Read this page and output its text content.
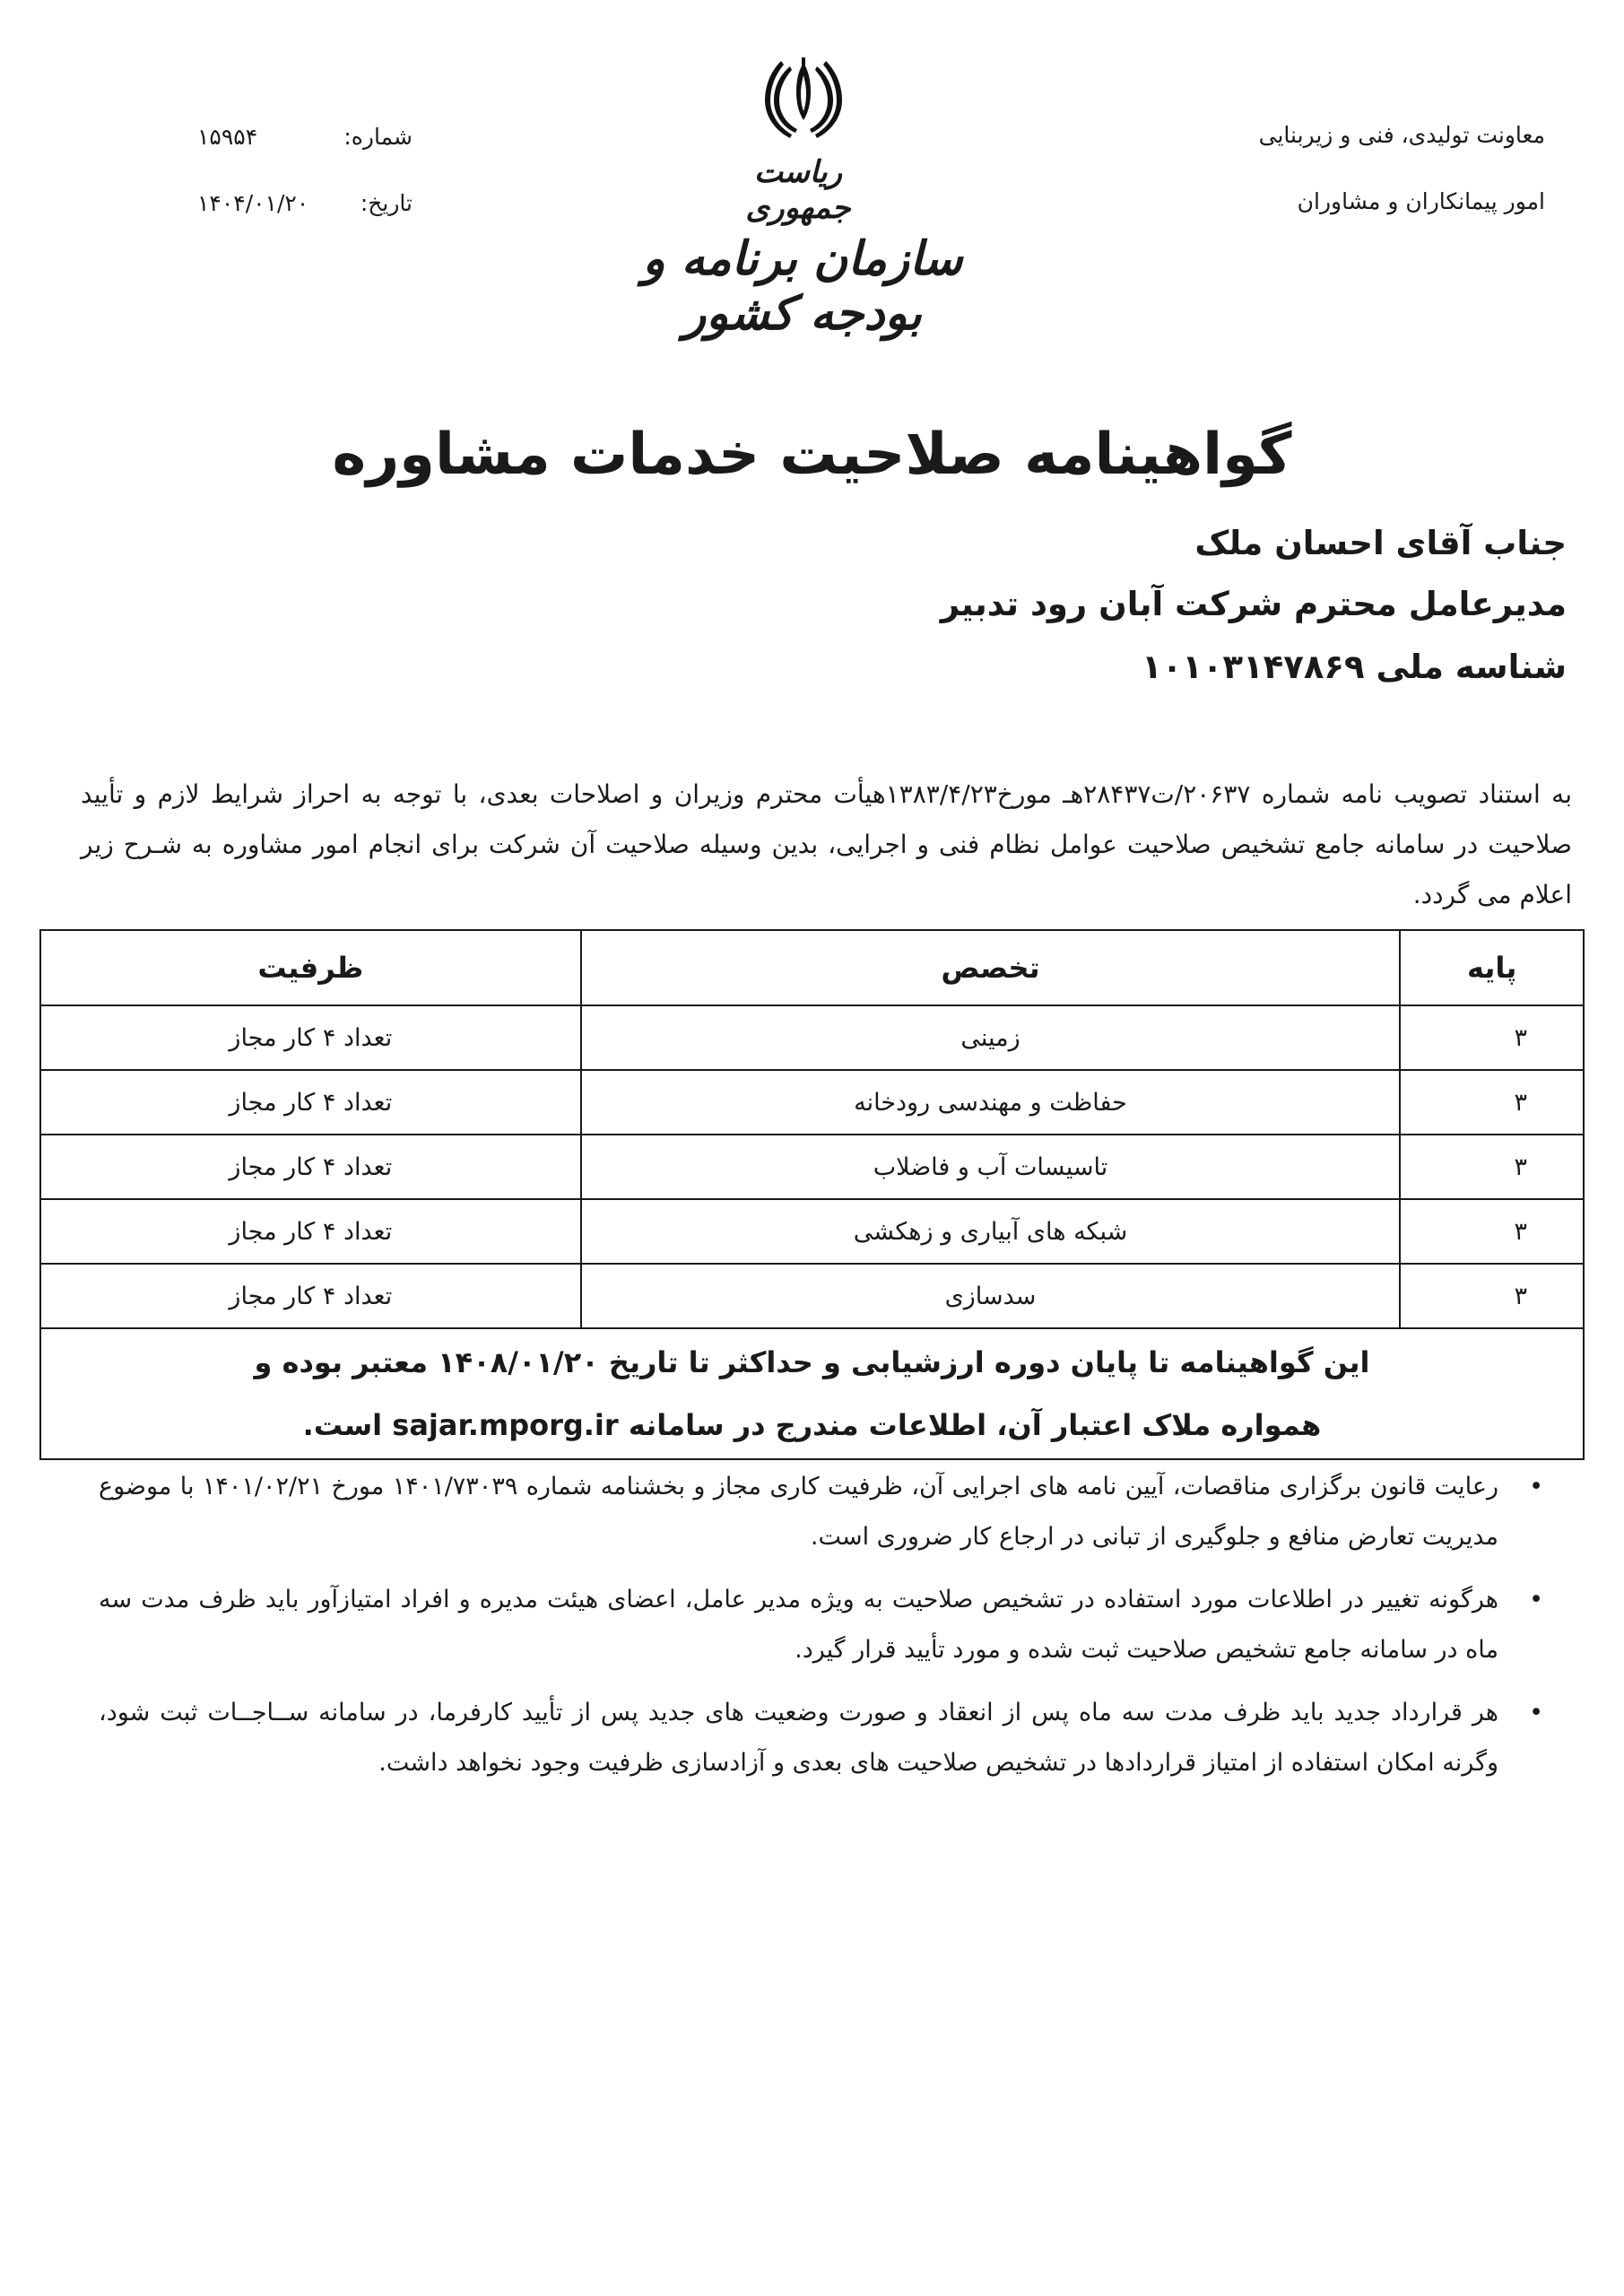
معاونت تولیدی، فنی و زیربنایی
امور پیمانکاران و مشاوران
شماره:
۱۵۹۵۴
تاریخ:
۱۴۰۴/۰۱/۲۰
ریاست جمهوری
سازمان برنامه و بودجه کشور
گواهینامه صلاحیت خدمات مشاوره
جناب آقای احسان ملک
مدیرعامل محترم شرکت آبان رود تدبیر
شناسه ملی ۱۰۱۰۳۱۴۷۸۶۹
به استناد تصویب نامه شماره ۲۰۶۳۷/ت۲۸۴۳۷هـ مورخ۱۳۸۳/۴/۲۳هیأت محترم وزیران و اصلاحات بعدی، با توجه به احراز شرایط لازم و تأیید صلاحیت در سامانه جامع تشخیص صلاحیت عوامل نظام فنی و اجرایی، بدین وسیله صلاحیت آن شرکت برای انجام امور مشاوره به شـرح زیر اعلام می گردد.
پایه	تخصص	ظرفیت
۳	زمینی	تعداد ۴ کار مجاز
۳	حفاظت و مهندسی رودخانه	تعداد ۴ کار مجاز
۳	تاسیسات آب و فاضلاب	تعداد ۴ کار مجاز
۳	شبکه های آبیاری و زهکشی	تعداد ۴ کار مجاز
۳	سدسازی	تعداد ۴ کار مجاز

این گواهینامه تا پایان دوره ارزشیابی و حداکثر تا تاریخ ۱۴۰۸/۰۱/۲۰ معتبر بوده و
همواره ملاک اعتبار آن، اطلاعات مندرج در سامانه sajar.mporg.ir است.		
•
رعایت قانون برگزاری مناقصات، آیین نامه های اجرایی آن، ظرفیت کاری مجاز و بخشنامه شماره ۱۴۰۱/۷۳۰۳۹ مورخ ۱۴۰۱/۰۲/۲۱ با موضوع مدیریت تعارض منافع و جلوگیری از تبانی در ارجاع کار ضروری است.
•
هرگونه تغییر در اطلاعات مورد استفاده در تشخیص صلاحیت به ویژه مدیر عامل، اعضای هیئت مدیره و افراد امتیازآور باید ظرف مدت سه ماه در سامانه جامع تشخیص صلاحیت ثبت شده و مورد تأیید قرار گیرد.
•
هر قرارداد جدید باید ظرف مدت سه ماه پس از انعقاد و صورت وضعیت های جدید پس از تأیید کارفرما، در سامانه ســاجــات ثبت شود، وگرنه امکان استفاده از امتیاز قراردادها در تشخیص صلاحیت های بعدی و آزادسازی ظرفیت وجود نخواهد داشت.
